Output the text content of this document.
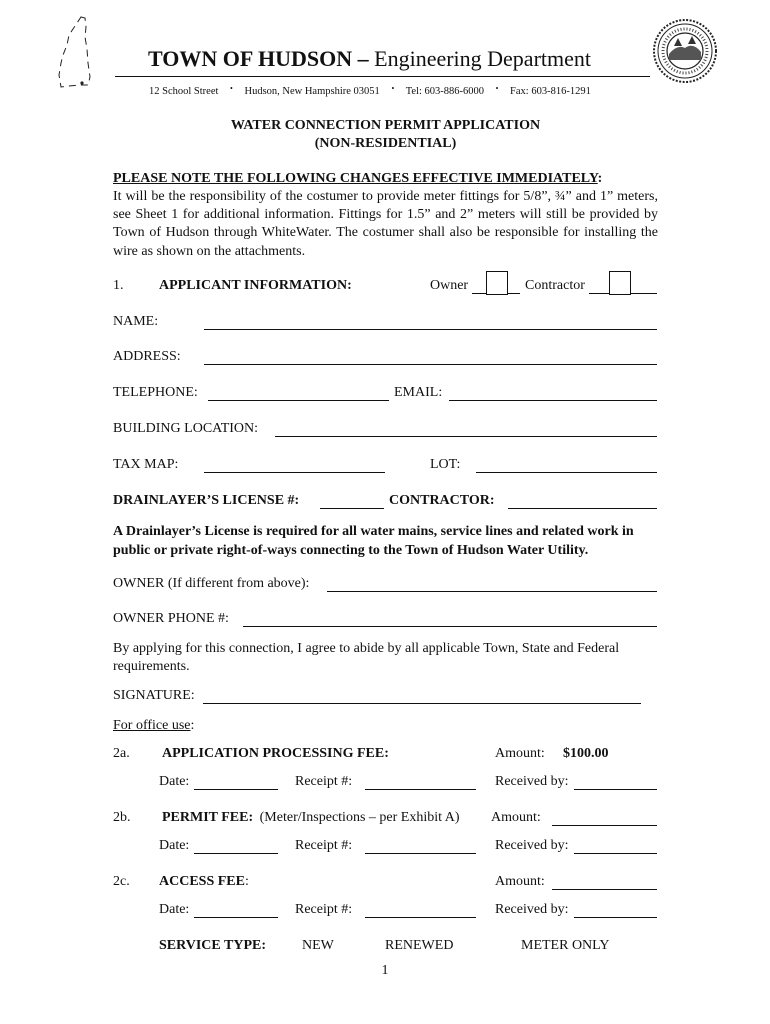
TOWN OF HUDSON – Engineering Department
12 School Street • Hudson, New Hampshire 03051 • Tel: 603-886-6000 • Fax: 603-816-1291
WATER CONNECTION PERMIT APPLICATION
(NON-RESIDENTIAL)
PLEASE NOTE THE FOLLOWING CHANGES EFFECTIVE IMMEDIATELY:
It will be the responsibility of the costumer to provide meter fittings for 5/8”, ¾” and 1” meters, see Sheet 1 for additional information. Fittings for 1.5” and 2” meters will still be provided by Town of Hudson through WhiteWater. The costumer shall also be responsible for installing the wire as shown on the attachments.
1.	APPLICANT INFORMATION:	Owner	Contractor
NAME:
ADDRESS:
TELEPHONE:	EMAIL:
BUILDING LOCATION:
TAX MAP:	LOT:
DRAINLAYER’S LICENSE #:	CONTRACTOR:
A Drainlayer’s License is required for all water mains, service lines and related work in public or private right-of-ways connecting to the Town of Hudson Water Utility.
OWNER (If different from above):
OWNER PHONE #:
By applying for this connection, I agree to abide by all applicable Town, State and Federal requirements.
SIGNATURE:
For office use:
2a. APPLICATION PROCESSING FEE:	Amount: $100.00
Date:	Receipt #:	Received by:
2b. PERMIT FEE: (Meter/Inspections – per Exhibit A) Amount:
Date:	Receipt #:	Received by:
2c. ACCESS FEE:	Amount:
Date:	Receipt #:	Received by:
SERVICE TYPE:	NEW	RENEWED	METER ONLY
1
